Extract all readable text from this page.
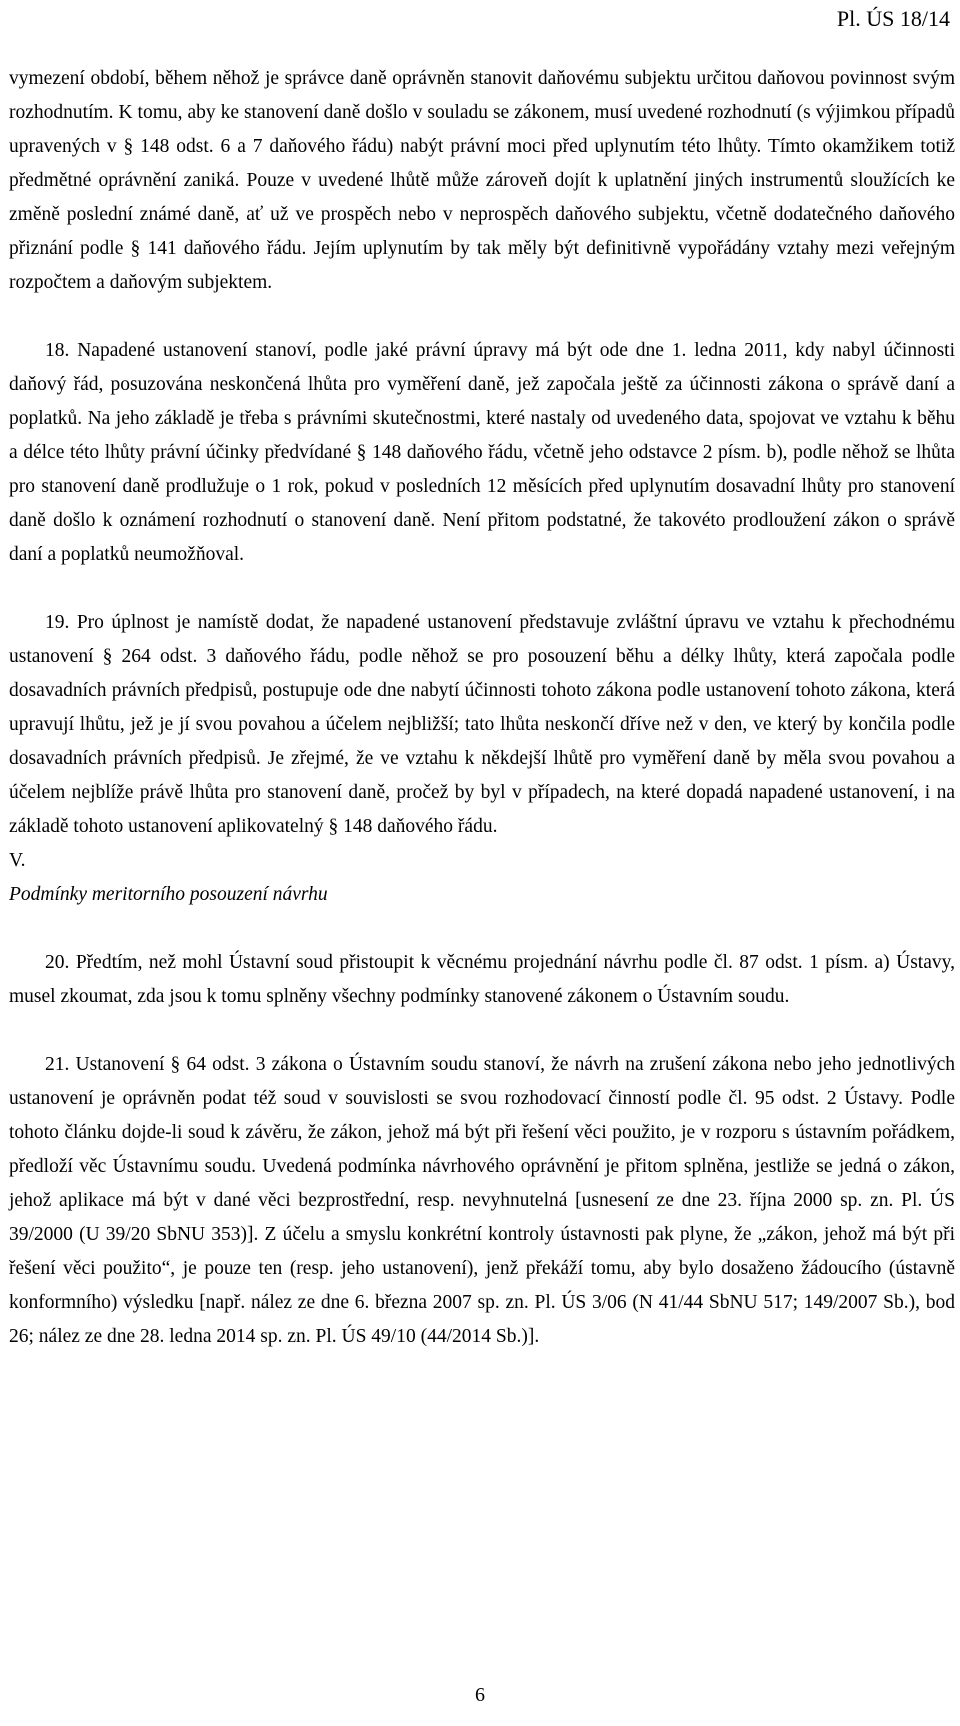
Pl. ÚS 18/14

vymezení období, během něhož je správce daně oprávněn stanovit daňovému subjektu určitou daňovou povinnost svým rozhodnutím. K tomu, aby ke stanovení daně došlo v souladu se zákonem, musí uvedené rozhodnutí (s výjimkou případů upravených v § 148 odst. 6 a 7 daňového řádu) nabýt právní moci před uplynutím této lhůty. Tímto okamžikem totiž předmětné oprávnění zaniká. Pouze v uvedené lhůtě může zároveň dojít k uplatnění jiných instrumentů sloužících ke změně poslední známé daně, ať už ve prospěch nebo v neprospěch daňového subjektu, včetně dodatečného daňového přiznání podle § 141 daňového řádu. Jejím uplynutím by tak měly být definitivně vypořádány vztahy mezi veřejným rozpočtem a daňovým subjektem.

18. Napadené ustanovení stanoví, podle jaké právní úpravy má být ode dne 1. ledna 2011, kdy nabyl účinnosti daňový řád, posuzována neskončená lhůta pro vyměření daně, jež započala ještě za účinnosti zákona o správě daní a poplatků. Na jeho základě je třeba s právními skutečnostmi, které nastaly od uvedeného data, spojovat ve vztahu k běhu a délce této lhůty právní účinky předvídané § 148 daňového řádu, včetně jeho odstavce 2 písm. b), podle něhož se lhůta pro stanovení daně prodlužuje o 1 rok, pokud v posledních 12 měsících před uplynutím dosavadní lhůty pro stanovení daně došlo k oznámení rozhodnutí o stanovení daně. Není přitom podstatné, že takovéto prodloužení zákon o správě daní a poplatků neumožňoval.

19. Pro úplnost je namístě dodat, že napadené ustanovení představuje zvláštní úpravu ve vztahu k přechodnému ustanovení § 264 odst. 3 daňového řádu, podle něhož se pro posouzení běhu a délky lhůty, která započala podle dosavadních právních předpisů, postupuje ode dne nabytí účinnosti tohoto zákona podle ustanovení tohoto zákona, která upravují lhůtu, jež je jí svou povahou a účelem nejbližší; tato lhůta neskončí dříve než v den, ve který by končila podle dosavadních právních předpisů. Je zřejmé, že ve vztahu k někdejší lhůtě pro vyměření daně by měla svou povahou a účelem nejblíže právě lhůta pro stanovení daně, pročež by byl v případech, na které dopadá napadené ustanovení, i na základě tohoto ustanovení aplikovatelný § 148 daňového řádu.

V.

Podmínky meritorního posouzení návrhu

20. Předtím, než mohl Ústavní soud přistoupit k věcnému projednání návrhu podle čl. 87 odst. 1 písm. a) Ústavy, musel zkoumat, zda jsou k tomu splněny všechny podmínky stanovené zákonem o Ústavním soudu.

21. Ustanovení § 64 odst. 3 zákona o Ústavním soudu stanoví, že návrh na zrušení zákona nebo jeho jednotlivých ustanovení je oprávněn podat též soud v souvislosti se svou rozhodovací činností podle čl. 95 odst. 2 Ústavy. Podle tohoto článku dojde-li soud k závěru, že zákon, jehož má být při řešení věci použito, je v rozporu s ústavním pořádkem, předloží věc Ústavnímu soudu. Uvedená podmínka návrhového oprávnění je přitom splněna, jestliže se jedná o zákon, jehož aplikace má být v dané věci bezprostřední, resp. nevyhnutelná [usnesení ze dne 23. října 2000 sp. zn. Pl. ÚS 39/2000 (U 39/20 SbNU 353)]. Z účelu a smyslu konkrétní kontroly ústavnosti pak plyne, že „zákon, jehož má být při řešení věci použito“, je pouze ten (resp. jeho ustanovení), jenž překáží tomu, aby bylo dosaženo žádoucího (ústavně konformního) výsledku [např. nález ze dne 6. března 2007 sp. zn. Pl. ÚS 3/06 (N 41/44 SbNU 517; 149/2007 Sb.), bod 26; nález ze dne 28. ledna 2014 sp. zn. Pl. ÚS 49/10 (44/2014 Sb.)].

6
